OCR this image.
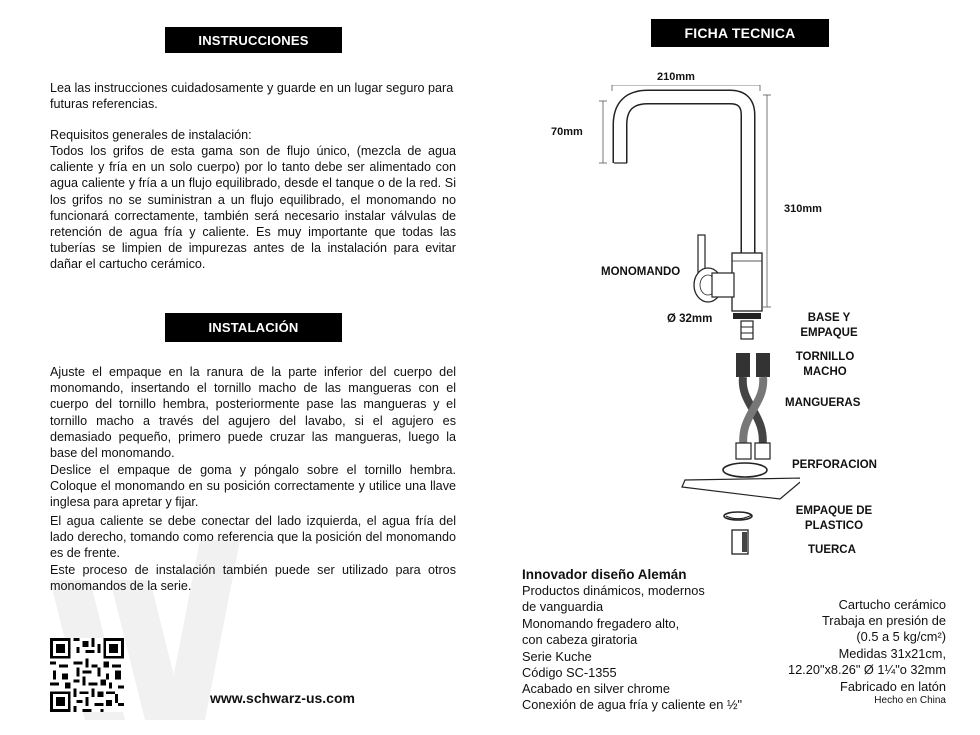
INSTRUCCIONES
Lea las instrucciones cuidadosamente y guarde en un lugar seguro para futuras referencias.
Requisitos generales de instalación:
Todos los grifos de esta gama son de flujo único, (mezcla de agua caliente y fría en un solo cuerpo) por lo tanto debe ser alimentado con agua caliente y fría a un flujo equilibrado, desde el tanque o de la red. Si los grifos no se suministran a un flujo equilibrado, el monomando no funcionará correctamente, también será necesario instalar válvulas de retención de agua fría y caliente. Es muy importante que todas las tuberías se limpien de impurezas antes de la instalación para evitar dañar el cartucho cerámico.
INSTALACIÓN
Ajuste el empaque en la ranura de la parte inferior del cuerpo del monomando, insertando el tornillo macho de las mangueras con el cuerpo del tornillo hembra, posteriormente pase las mangueras y el tornillo macho a través del agujero del lavabo, si el agujero es demasiado pequeño, primero puede cruzar las mangueras, luego la base del monomando.
Deslice el empaque de goma y póngalo sobre el tornillo hembra. Coloque el monomando en su posición correctamente y utilice una llave inglesa para apretar y fijar.
El agua caliente se debe conectar del lado izquierda, el agua fría del lado derecho, tomando como referencia que la posición del monomando es de frente.
Este proceso de instalación también puede ser utilizado para otros monomandos de la serie.
www.schwarz-us.com
FICHA TECNICA
210mm
70mm
310mm
MONOMANDO
Ø 32mm	BASE Y EMPAQUE
TORNILLO MACHO
MANGUERAS
PERFORACION
EMPAQUE DE PLASTICO
TUERCA
Innovador diseño Alemán
Productos dinámicos, modernos
de vanguardia
Monomando fregadero alto,
con cabeza giratoria
Serie Kuche
Código SC-1355
Acabado en silver chrome
Conexión de agua fría y caliente en ½"
Cartucho cerámico
Trabaja en presión de
(0.5 a 5 kg/cm²)
Medidas 31x21cm,
12.20"x8.26" Ø 1¼"o 32mm
Fabricado en latón
Hecho en China
